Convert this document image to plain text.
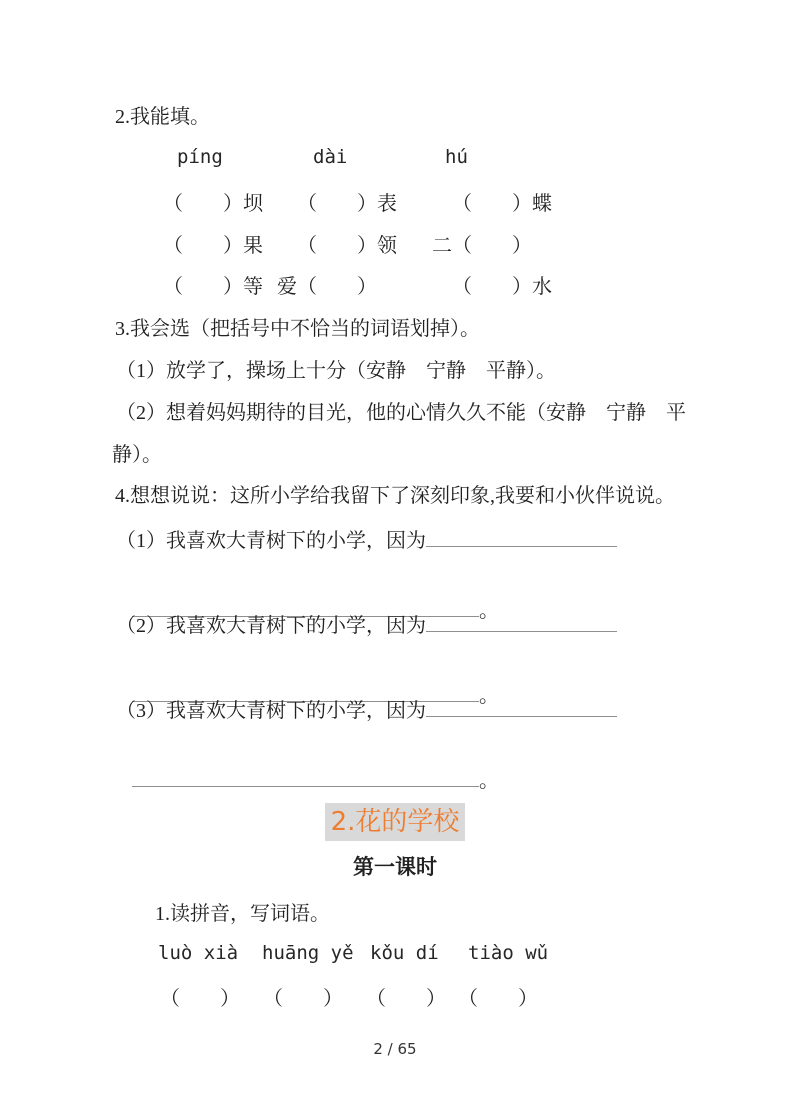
2.我能填。
píng	dài	hú
（　　）坝 （　　）表	（　　）蝶
（　　）果 （　　）领 二（　　）
（　　）等 爱（　　）	（　　）水
3.我会选（把括号中不恰当的词语划掉）。
（1）放学了，操场上十分（安静　宁静　平静）。
（2）想着妈妈期待的目光，他的心情久久不能（安静　宁静　平
静）。
4.想想说说：这所小学给我留下了深刻印象,我要和小伙伴说说。
（1）我喜欢大青树下的小学，因为

。

（2）我喜欢大青树下的小学，因为

。

（3）我喜欢大青树下的小学，因为

。

2.花的学校
第一课时
1.读拼音，写词语。
luò xià huāng yě kǒu dí tiào wǔ
（　　） （　　） （　　） （　　）
2 / 65
